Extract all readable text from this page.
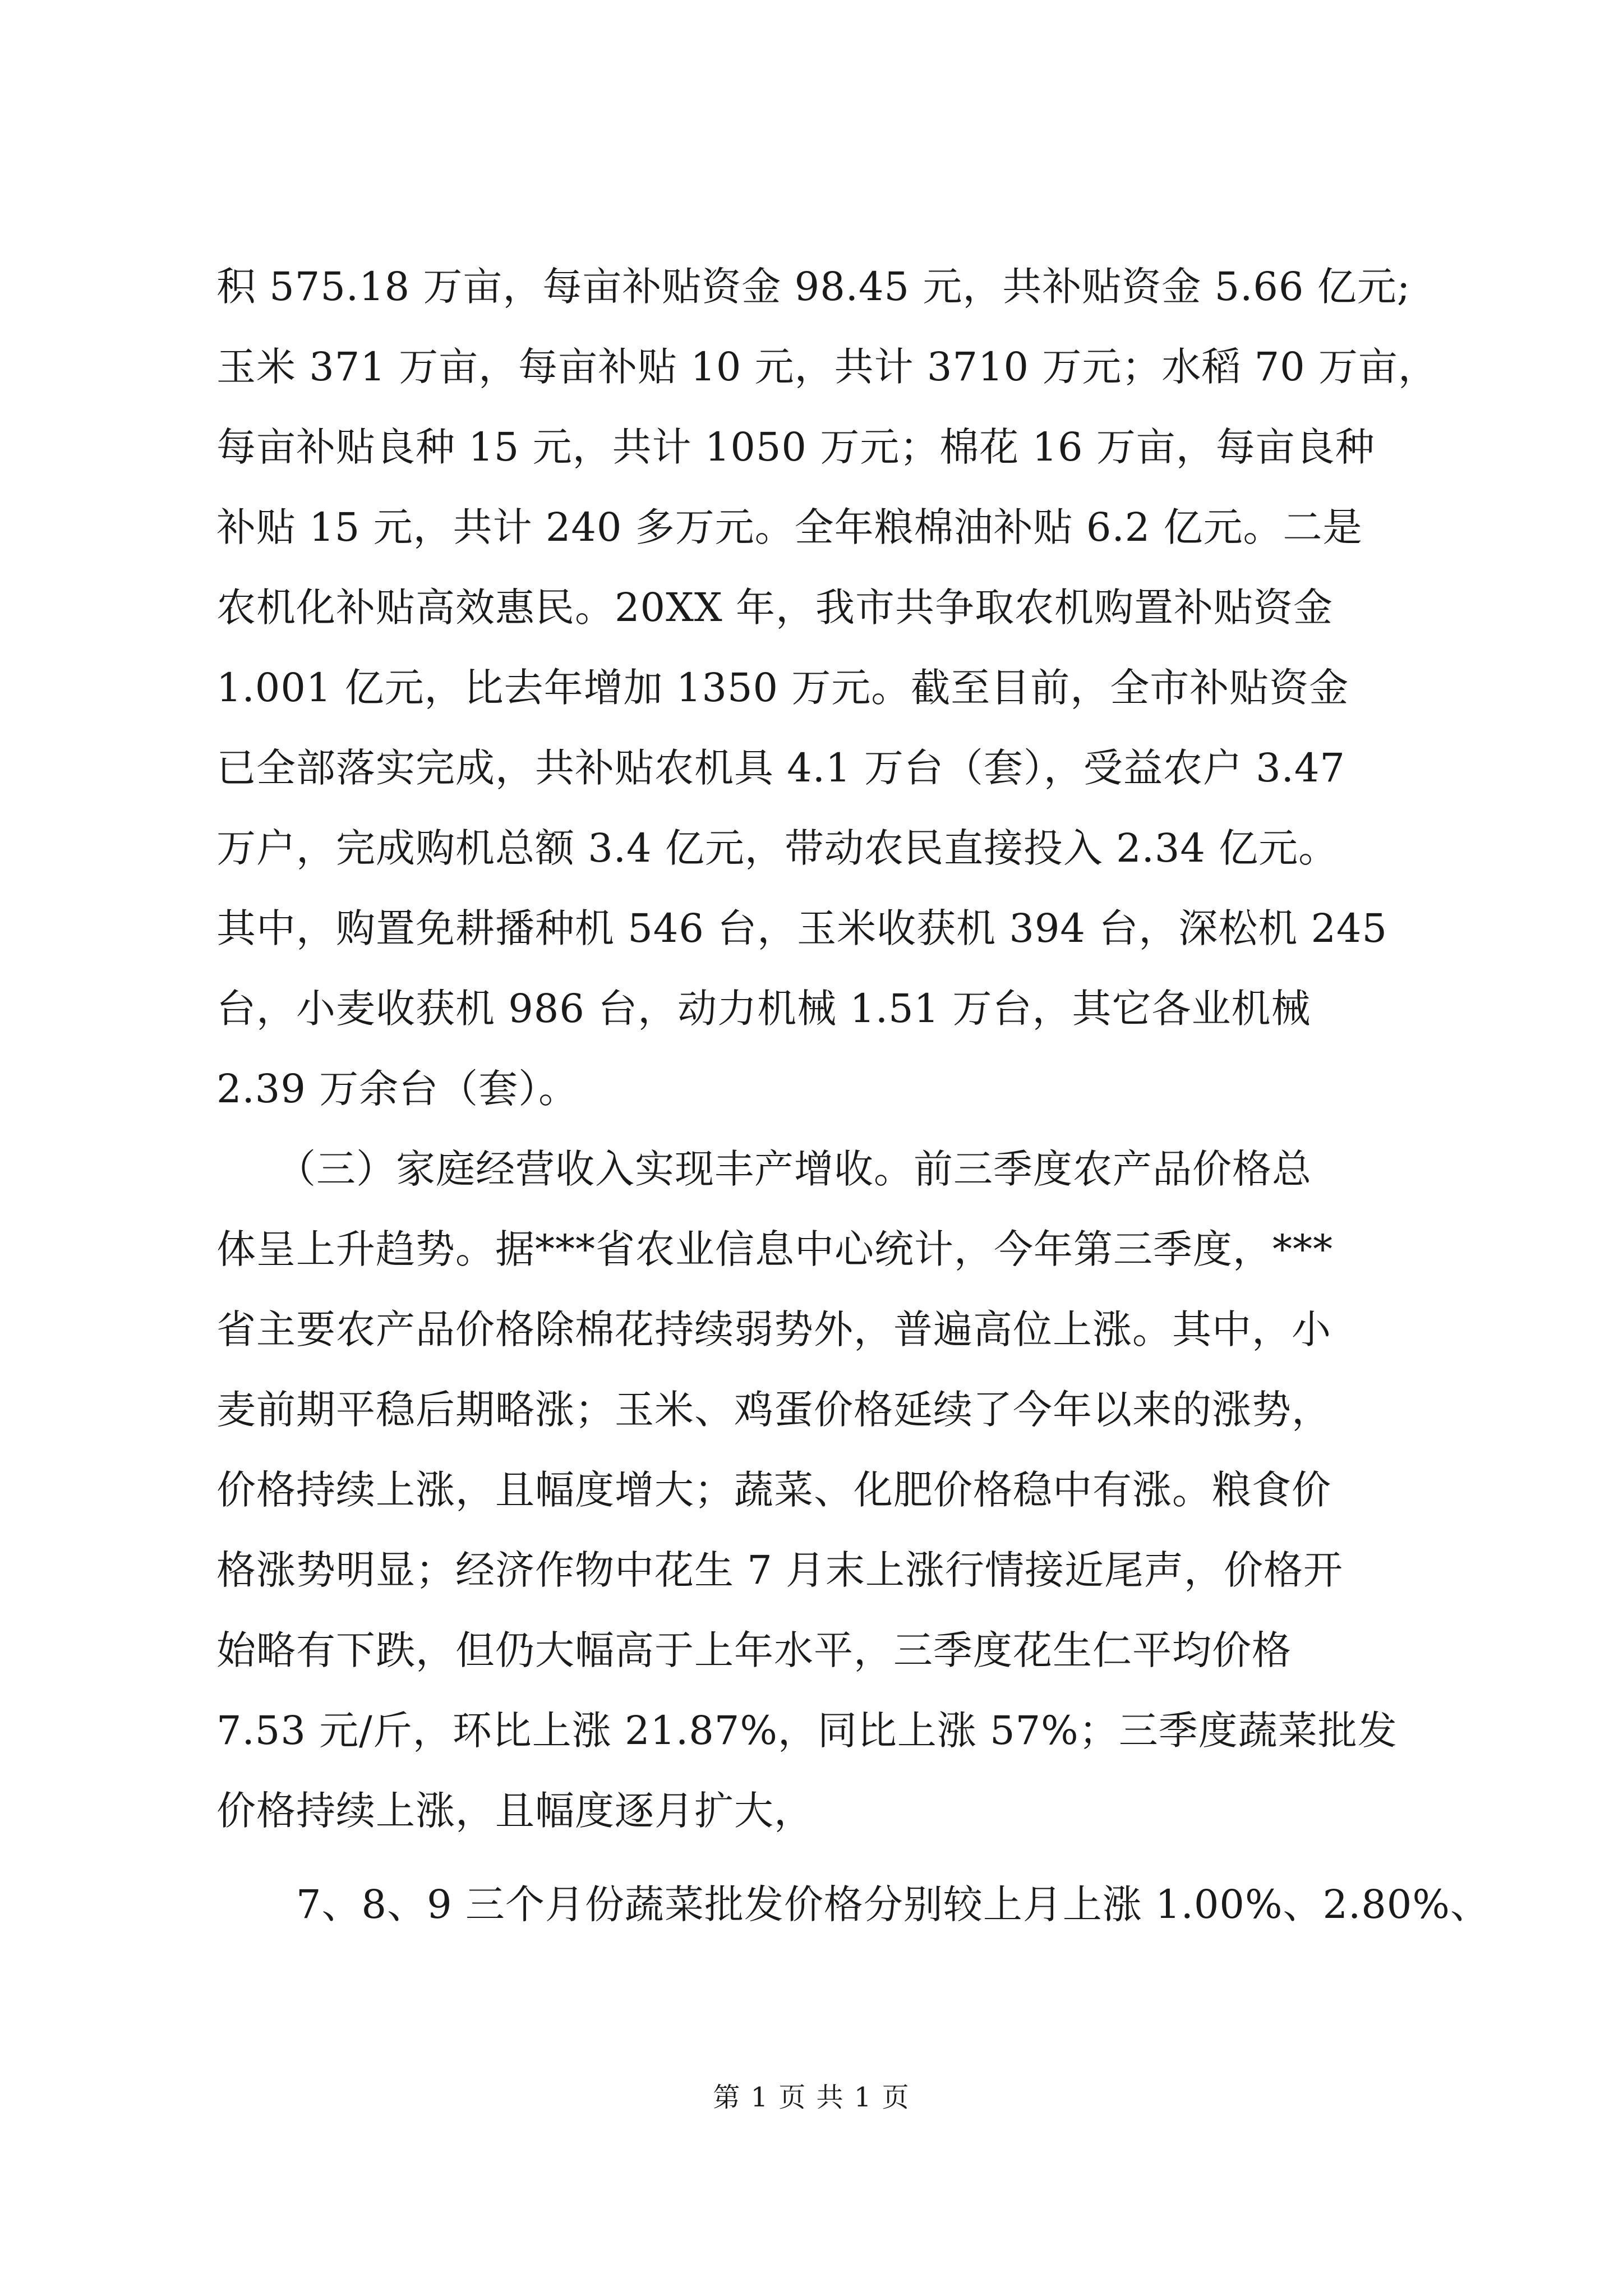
积 575.18 万亩，每亩补贴资金 98.45 元，共补贴资金 5.66 亿元;
玉米 371 万亩，每亩补贴 10 元，共计 3710 万元；水稻 70 万亩，
每亩补贴良种 15 元，共计 1050 万元；棉花 16 万亩，每亩良种
补贴 15 元，共计 240 多万元。全年粮棉油补贴 6.2 亿元。二是
农机化补贴高效惠民。20XX 年，我市共争取农机购置补贴资金
1.001 亿元，比去年增加 1350 万元。截至目前，全市补贴资金
已全部落实完成，共补贴农机具 4.1 万台（套），受益农户 3.47
万户，完成购机总额 3.4 亿元，带动农民直接投入 2.34 亿元。
其中，购置免耕播种机 546 台，玉米收获机 394 台，深松机 245
台，小麦收获机 986 台，动力机械 1.51 万台，其它各业机械
2.39 万余台（套）。
　　（三）家庭经营收入实现丰产增收。前三季度农产品价格总
体呈上升趋势。据***省农业信息中心统计，今年第三季度，***
省主要农产品价格除棉花持续弱势外，普遍高位上涨。其中，小
麦前期平稳后期略涨；玉米、鸡蛋价格延续了今年以来的涨势，
价格持续上涨，且幅度增大；蔬菜、化肥价格稳中有涨。粮食价
格涨势明显；经济作物中花生 7 月末上涨行情接近尾声，价格开
始略有下跌，但仍大幅高于上年水平，三季度花生仁平均价格
7.53 元/斤，环比上涨 21.87%，同比上涨 57%；三季度蔬菜批发
价格持续上涨，且幅度逐月扩大，
　　7、8、9 三个月份蔬菜批发价格分别较上月上涨 1.00%、2.80%、
第 1 页 共 1 页
